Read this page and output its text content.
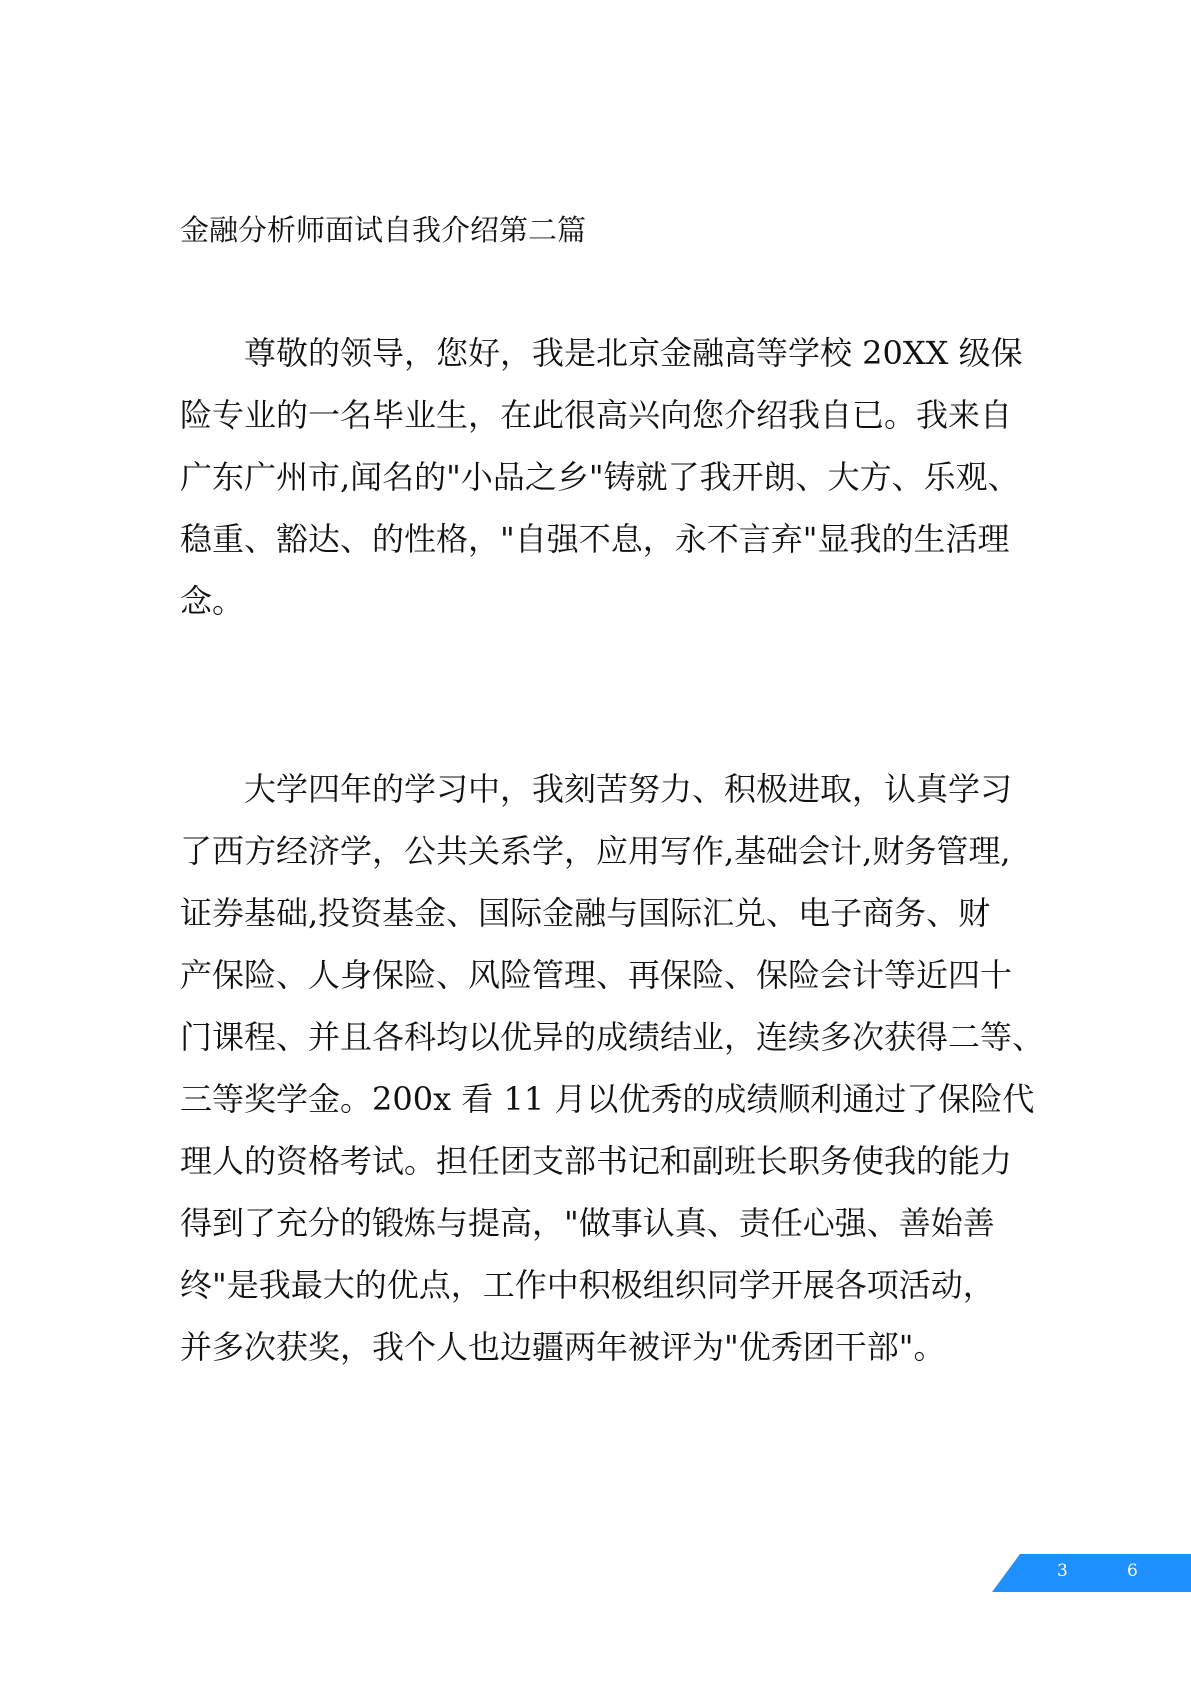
金融分析师面试自我介绍第二篇
　　尊敬的领导，您好，我是北京金融高等学校 20XX 级保
险专业的一名毕业生，在此很高兴向您介绍我自已。我来自
广东广州市,闻名的"小品之乡"铸就了我开朗、大方、乐观、
稳重、豁达、的性格，"自强不息，永不言弃"显我的生活理
念。
　　大学四年的学习中，我刻苦努力、积极进取，认真学习
了西方经济学，公共关系学，应用写作,基础会计,财务管理,
证券基础,投资基金、国际金融与国际汇兑、电子商务、财
产保险、人身保险、风险管理、再保险、保险会计等近四十
门课程、并且各科均以优异的成绩结业，连续多次获得二等、
三等奖学金。200x 看 11 月以优秀的成绩顺利通过了保险代
理人的资格考试。担任团支部书记和副班长职务使我的能力
得到了充分的锻炼与提高，"做事认真、责任心强、善始善
终"是我最大的优点，工作中积极组织同学开展各项活动，
并多次获奖，我个人也边疆两年被评为"优秀团干部"。
3	6
